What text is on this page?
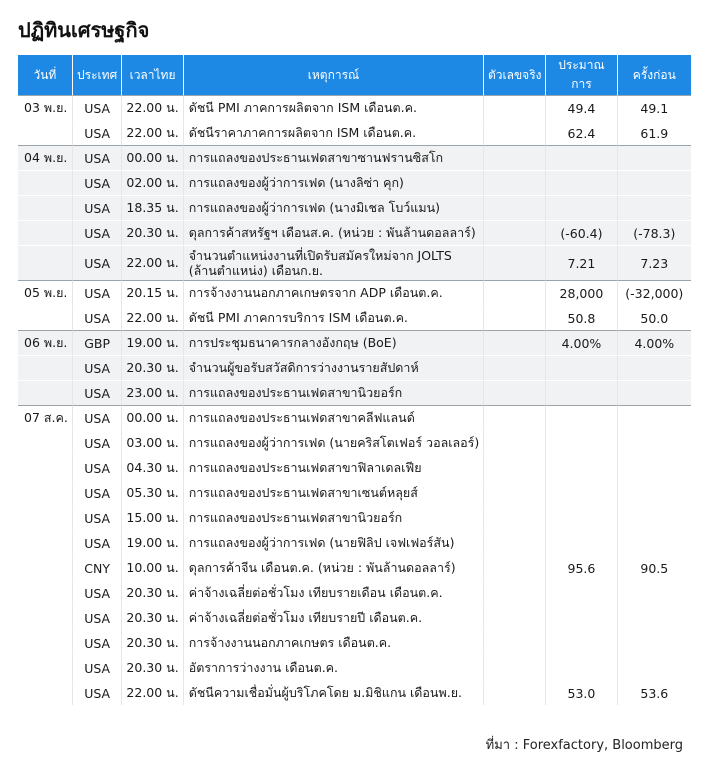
ปฏิทินเศรษฐกิจ
วันที่	ประเทศ	เวลาไทย	เหตุการณ์	ตัวเลขจริง	ประมาณการ	ครั้งก่อน
03 พ.ย.	USA	22.00 น.	ดัชนี PMI ภาคการผลิตจาก ISM เดือนต.ค.		49.4	49.1
	USA	22.00 น.	ดัชนีราคาภาคการผลิตจาก ISM เดือนต.ค.		62.4	61.9
04 พ.ย.	USA	00.00 น.	การแถลงของประธานเฟดสาขาซานฟรานซิสโก			
	USA	02.00 น.	การแถลงของผู้ว่าการเฟด (นางลิซ่า คุก)			
	USA	18.35 น.	การแถลงของผู้ว่าการเฟด (นางมิเชล โบว์แมน)			
	USA	20.30 น.	ดุลการค้าสหรัฐฯ เดือนส.ค. (หน่วย : พันล้านดอลลาร์)		(-60.4)	(-78.3)
	USA	22.00 น.	จำนวนตำแหน่งงานที่เปิดรับสมัครใหม่จาก JOLTS (ล้านตำแหน่ง) เดือนก.ย.		7.21	7.23
05 พ.ย.	USA	20.15 น.	การจ้างงานนอกภาคเกษตรจาก ADP เดือนต.ค.		28,000	(-32,000)
	USA	22.00 น.	ดัชนี PMI ภาคการบริการ ISM เดือนต.ค.		50.8	50.0
06 พ.ย.	GBP	19.00 น.	การประชุมธนาคารกลางอังกฤษ (BoE)		4.00%	4.00%
	USA	20.30 น.	จำนวนผู้ขอรับสวัสดิการว่างงานรายสัปดาห์			
	USA	23.00 น.	การแถลงของประธานเฟดสาขานิวยอร์ก			
07 ส.ค.	USA	00.00 น.	การแถลงของประธานเฟดสาขาคลีฟแลนด์			
	USA	03.00 น.	การแถลงของผู้ว่าการเฟด (นายคริสโตเฟอร์ วอลเลอร์)			
	USA	04.30 น.	การแถลงของประธานเฟดสาขาฟิลาเดลเฟีย			
	USA	05.30 น.	การแถลงของประธานเฟดสาขาเซนต์หลุยส์			
	USA	15.00 น.	การแถลงของประธานเฟดสาขานิวยอร์ก			
	USA	19.00 น.	การแถลงของผู้ว่าการเฟด (นายฟิลิป เจฟเฟอร์สัน)			
	CNY	10.00 น.	ดุลการค้าจีน เดือนต.ค. (หน่วย : พันล้านดอลลาร์)		95.6	90.5
	USA	20.30 น.	ค่าจ้างเฉลี่ยต่อชั่วโมง เทียบรายเดือน เดือนต.ค.			
	USA	20.30 น.	ค่าจ้างเฉลี่ยต่อชั่วโมง เทียบรายปี เดือนต.ค.			
	USA	20.30 น.	การจ้างงานนอกภาคเกษตร เดือนต.ค.			
	USA	20.30 น.	อัตราการว่างงาน เดือนต.ค.			
	USA	22.00 น.	ดัชนีความเชื่อมั่นผู้บริโภคโดย ม.มิชิแกน เดือนพ.ย.		53.0	53.6
ที่มา : Forexfactory, Bloomberg
